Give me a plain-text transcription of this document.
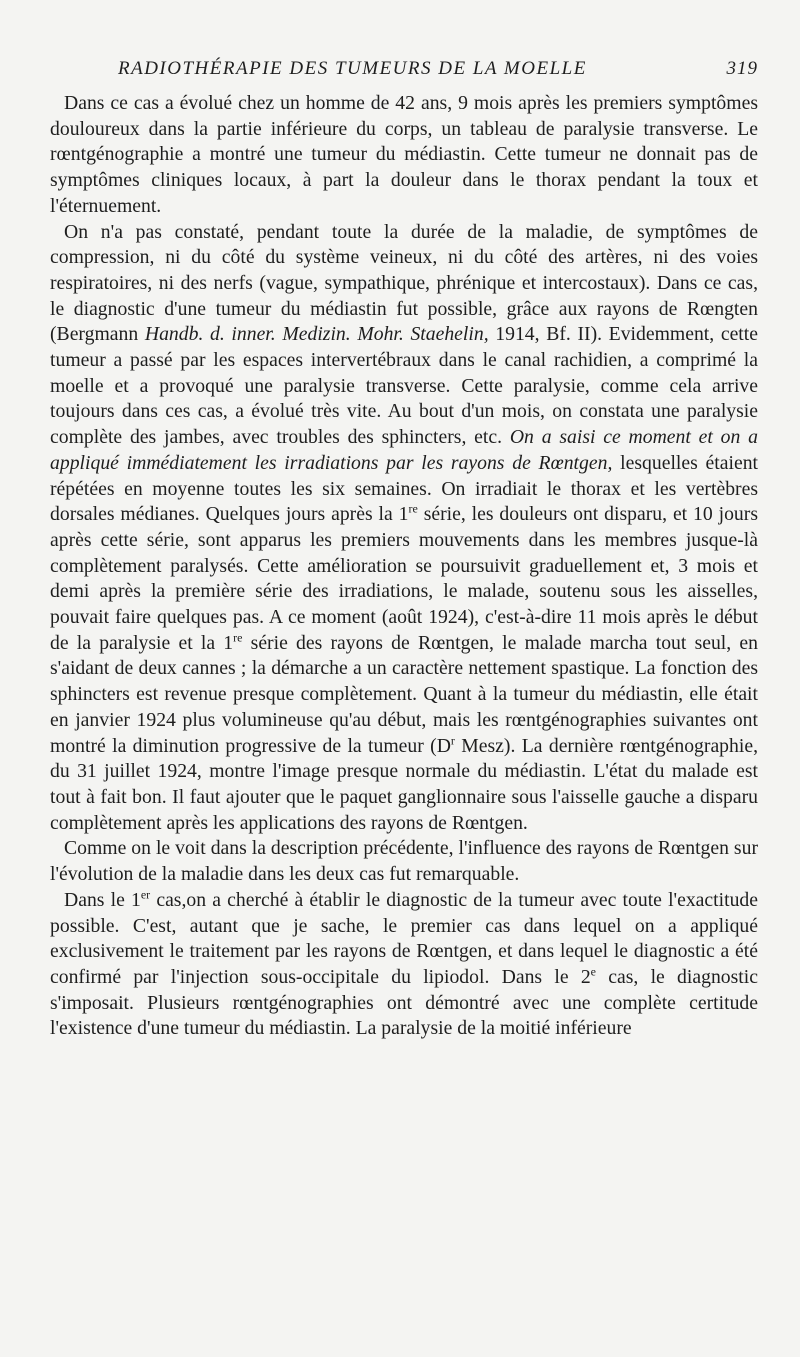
RADIOTHÉRAPIE DES TUMEURS DE LA MOELLE	319

Dans ce cas a évolué chez un homme de 42 ans, 9 mois après les premiers symptômes douloureux dans la partie inférieure du corps, un tableau de paralysie transverse. Le rœntgénographie a montré une tumeur du médiastin. Cette tumeur ne donnait pas de symptômes cliniques locaux, à part la douleur dans le thorax pendant la toux et l'éternuement.

On n'a pas constaté, pendant toute la durée de la maladie, de symptômes de compression, ni du côté du système veineux, ni du côté des artères, ni des voies respiratoires, ni des nerfs (vague, sympathique, phrénique et intercostaux). Dans ce cas, le diagnostic d'une tumeur du médiastin fut possible, grâce aux rayons de Rœngten (Bergmann Handb. d. inner. Medizin. Mohr. Staehelin, 1914, Bf. II). Evidemment, cette tumeur a passé par les espaces intervertébraux dans le canal rachidien, a comprimé la moelle et a provoqué une paralysie transverse. Cette paralysie, comme cela arrive toujours dans ces cas, a évolué très vite. Au bout d'un mois, on constata une paralysie complète des jambes, avec troubles des sphincters, etc. On a saisi ce moment et on a appliqué immédiatement les irradiations par les rayons de Rœntgen, lesquelles étaient répétées en moyenne toutes les six semaines. On irradiait le thorax et les vertèbres dorsales médianes. Quelques jours après la 1re série, les douleurs ont disparu, et 10 jours après cette série, sont apparus les premiers mouvements dans les membres jusque-là complètement paralysés. Cette amélioration se poursuivit graduellement et, 3 mois et demi après la première série des irradiations, le malade, soutenu sous les aisselles, pouvait faire quelques pas. A ce moment (août 1924), c'est-à-dire 11 mois après le début de la paralysie et la 1re série des rayons de Rœntgen, le malade marcha tout seul, en s'aidant de deux cannes ; la démarche a un caractère nettement spastique. La fonction des sphincters est revenue presque complètement. Quant à la tumeur du médiastin, elle était en janvier 1924 plus volumineuse qu'au début, mais les rœntgénographies suivantes ont montré la diminution progressive de la tumeur ($D^r$ Mesz). La dernière rœntgénographie, du 31 juillet 1924, montre l'image presque normale du médiastin. L'état du malade est tout à fait bon. Il faut ajouter que le paquet ganglionnaire sous l'aisselle gauche a disparu complètement après les applications des rayons de Rœntgen.

Comme on le voit dans la description précédente, l'influence des rayons de Rœntgen sur l'évolution de la maladie dans les deux cas fut remarquable.

Dans le 1er cas,on a cherché à établir le diagnostic de la tumeur avec toute l'exactitude possible. C'est, autant que je sache, le premier cas dans lequel on a appliqué exclusivement le traitement par les rayons de Rœntgen, et dans lequel le diagnostic a été confirmé par l'injection sous-occipitale du lipiodol. Dans le 2e cas, le diagnostic s'imposait. Plusieurs rœntgénographies ont démontré avec une complète certitude l'existence d'une tumeur du médiastin. La paralysie de la moitié inférieure
